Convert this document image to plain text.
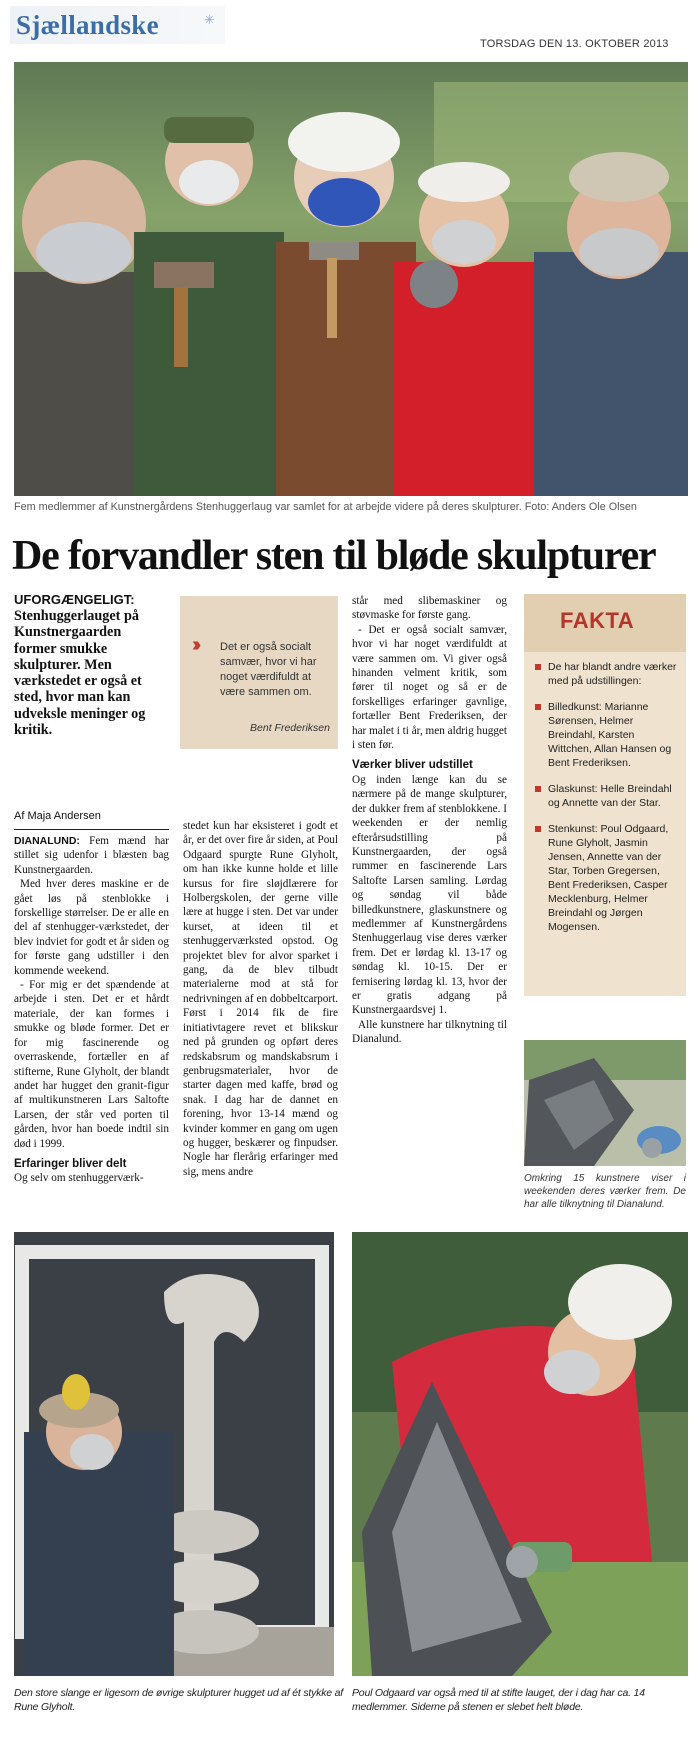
Sjællandske	✳
TORSDAG DEN 13. OKTOBER 2013
Fem medlemmer af Kunstnergårdens Stenhuggerlaug var samlet for at arbejde videre på deres skulpturer. Foto: Anders Ole Olsen
De forvandler sten til bløde skulpturer
UFORGÆNGELIGT:
Stenhuggerlauget på Kunstnergaarden former smukke skulpturer. Men værkstedet er også et sted, hvor man kan udveksle meninger og kritik.
›› Det er også socialt samvær, hvor vi har noget værdifuldt at være sammen om.
Bent Frederiksen
Af Maja Andersen

DIANALUND: Fem mænd har stillet sig udenfor i blæsten bag Kunstnergaarden.

Med hver deres maskine er de gået løs på stenblokke i forskellige størrelser. De er alle en del af stenhugger-værkstedet, der blev indviet for godt et år siden og for første gang udstiller i den kommende weekend.

- For mig er det spændende at arbejde i sten. Det er et hårdt materiale, der kan formes i smukke og bløde former. Det er for mig fascinerende og overraskende, fortæller en af stifterne, Rune Glyholt, der blandt andet har hugget den granit-figur af multikunstneren Lars Saltofte Larsen, der står ved porten til gården, hvor han boede indtil sin død i 1999.

Erfaringer bliver delt

Og selv om stenhuggerværk-

stedet kun har eksisteret i godt et år, er det over fire år siden, at Poul Odgaard spurgte Rune Glyholt, om han ikke kunne holde et lille kursus for fire sløjdlærere for Holbergskolen, der gerne ville lære at hugge i sten. Det var under kurset, at ideen til et stenhuggerværksted opstod. Og projektet blev for alvor sparket i gang, da de blev tilbudt materialerne mod at stå for nedrivningen af en dobbeltcarport. Først i 2014 fik de fire initiativtagere revet et blikskur ned på grunden og opført deres redskabsrum og mandskabsrum i genbrugsmaterialer, hvor de starter dagen med kaffe, brød og snak. I dag har de dannet en forening, hvor 13-14 mænd og kvinder kommer en gang om ugen og hugger, beskærer og finpudser. Nogle har flerårig erfaringer med sig, mens andre

står med slibemaskiner og støvmaske for første gang.

- Det er også socialt samvær, hvor vi har noget værdifuldt at være sammen om. Vi giver også hinanden velment kritik, som fører til noget og så er de forskelliges erfaringer gavnlige, fortæller Bent Frederiksen, der har malet i ti år, men aldrig hugget i sten før.

Værker bliver udstillet

Og inden længe kan du se nærmere på de mange skulpturer, der dukker frem af stenblokkene. I weekenden er der nemlig efterårsudstilling på Kunstnergaarden, der også rummer en fascinerende Lars Saltofte Larsen samling. Lørdag og søndag vil både billedkunstnere, glaskunstnere og medlemmer af Kunstnergårdens Stenhuggerlaug vise deres værker frem. Det er lørdag kl. 13-17 og søndag kl. 10-15. Der er fernisering lørdag kl. 13, hvor der er gratis adgang på Kunstnergaardsvej 1.

Alle kunstnere har tilknytning til Dianalund.

FAKTA
De har blandt andre værker med på udstillingen:
Billedkunst: Marianne Sørensen, Helmer Breindahl, Karsten Wittchen, Allan Hansen og Bent Frederiksen.
Glaskunst: Helle Breindahl og Annette van der Star.
Stenkunst: Poul Odgaard, Rune Glyholt, Jasmin Jensen, Annette van der Star, Torben Gregersen, Bent Frederiksen, Casper Mecklenburg, Helmer Breindahl og Jørgen Mogensen.
Omkring 15 kunstnere viser i weekenden deres værker frem. De har alle tilknytning til Dianalund.
Den store slange er ligesom de øvrige skulpturer hugget ud af ét stykke af Rune Glyholt.
Poul Odgaard var også med til at stifte lauget, der i dag har ca. 14 medlemmer. Siderne på stenen er slebet helt bløde.
